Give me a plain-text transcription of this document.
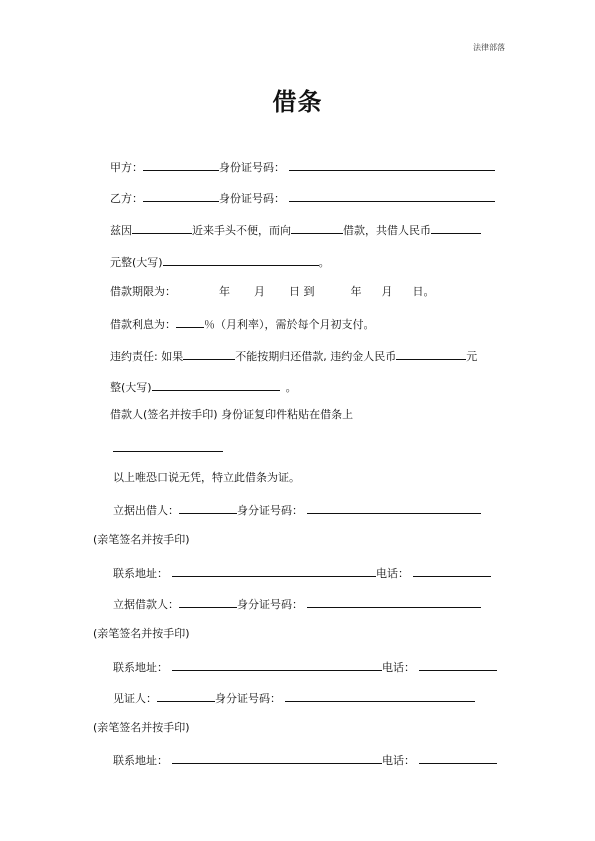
法律部落
借条
甲方：	身份证号码：
乙方：	身份证号码：
兹因	近来手头不便，而向	借款，共借人民币
元整(大写)	。
借款期限为：	年 月 日 到	年 月 日。
借款利息为：	％（月利率），需於每个月初支付。
违约责任: 如果	不能按期归还借款, 违约金人民币	元
整(大写)	。
借款人(签名并按手印) 身份证复印件粘贴在借条上
以上唯恐口说无凭，特立此借条为证。
立据出借人：	身分证号码：
(亲笔签名并按手印)
联系地址：	电话：
立据借款人：	身分证号码：
(亲笔签名并按手印)
联系地址：	电话：
见证人：	身分证号码：
(亲笔签名并按手印)
联系地址：	电话：
